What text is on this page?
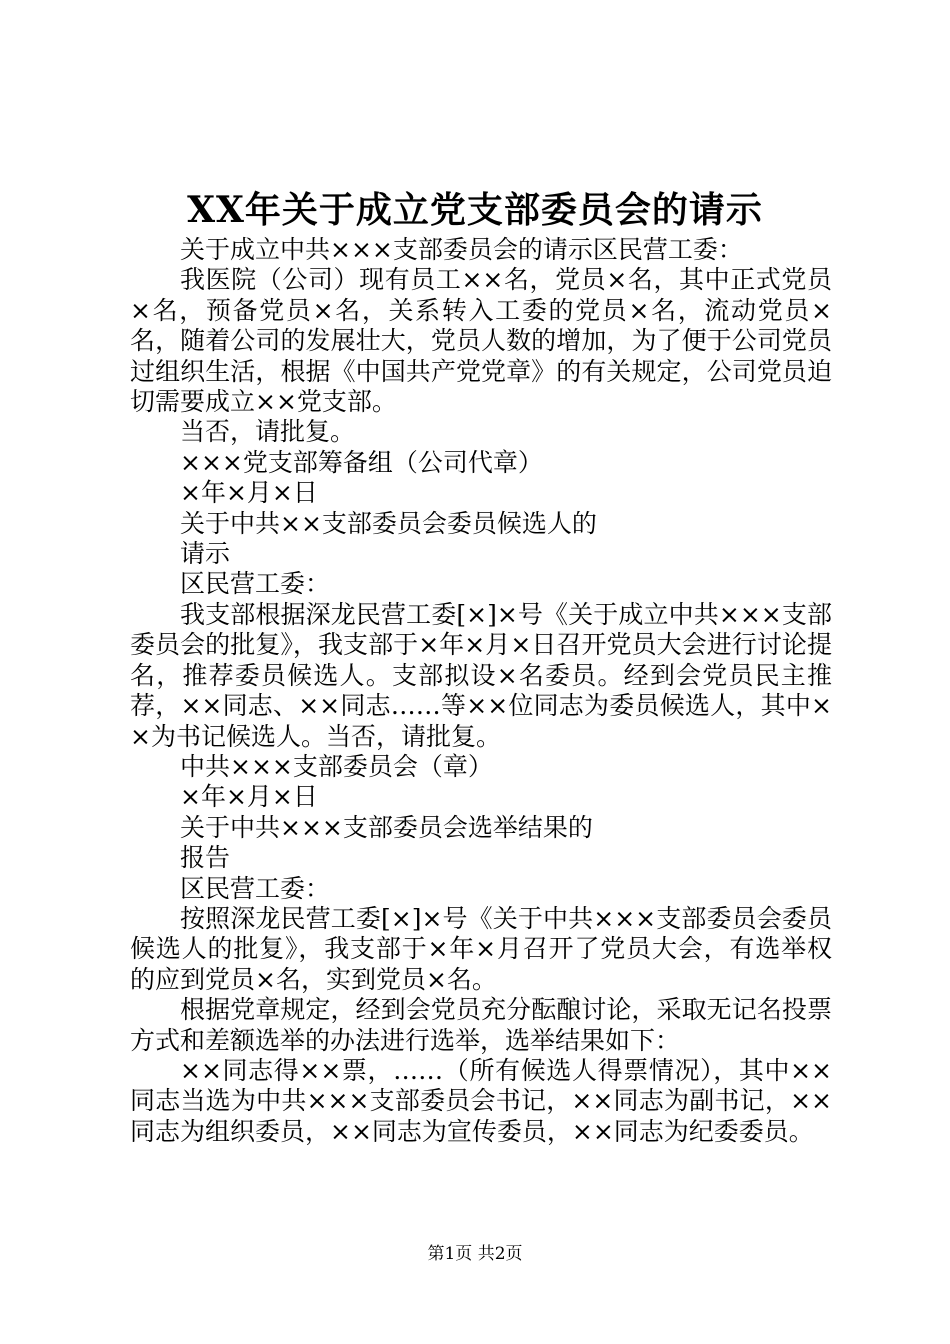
XX年关于成立党支部委员会的请示

关于成立中共×××支部委员会的请示区民营工委：

我医院（公司）现有员工××名，党员×名，其中正式党员×名，预备党员×名，关系转入工委的党员×名，流动党员×名，随着公司的发展壮大，党员人数的增加，为了便于公司党员过组织生活，根据《中国共产党党章》的有关规定，公司党员迫切需要成立××党支部。

当否，请批复。

×××党支部筹备组（公司代章）

×年×月×日

关于中共××支部委员会委员候选人的

请示

区民营工委：

我支部根据深龙民营工委[×]×号《关于成立中共×××支部委员会的批复》，我支部于×年×月×日召开党员大会进行讨论提名，推荐委员候选人。支部拟设×名委员。经到会党员民主推荐，××同志、××同志……等××位同志为委员候选人，其中××为书记候选人。当否，请批复。

中共×××支部委员会（章）

×年×月×日

关于中共×××支部委员会选举结果的

报告

区民营工委：

按照深龙民营工委[×]×号《关于中共×××支部委员会委员候选人的批复》，我支部于×年×月召开了党员大会，有选举权的应到党员×名，实到党员×名。

根据党章规定，经到会党员充分酝酿讨论，采取无记名投票方式和差额选举的办法进行选举，选举结果如下：

××同志得××票，……（所有候选人得票情况），其中××同志当选为中共×××支部委员会书记，××同志为副书记，××同志为组织委员，××同志为宣传委员，××同志为纪委委员。

第1页 共2页
